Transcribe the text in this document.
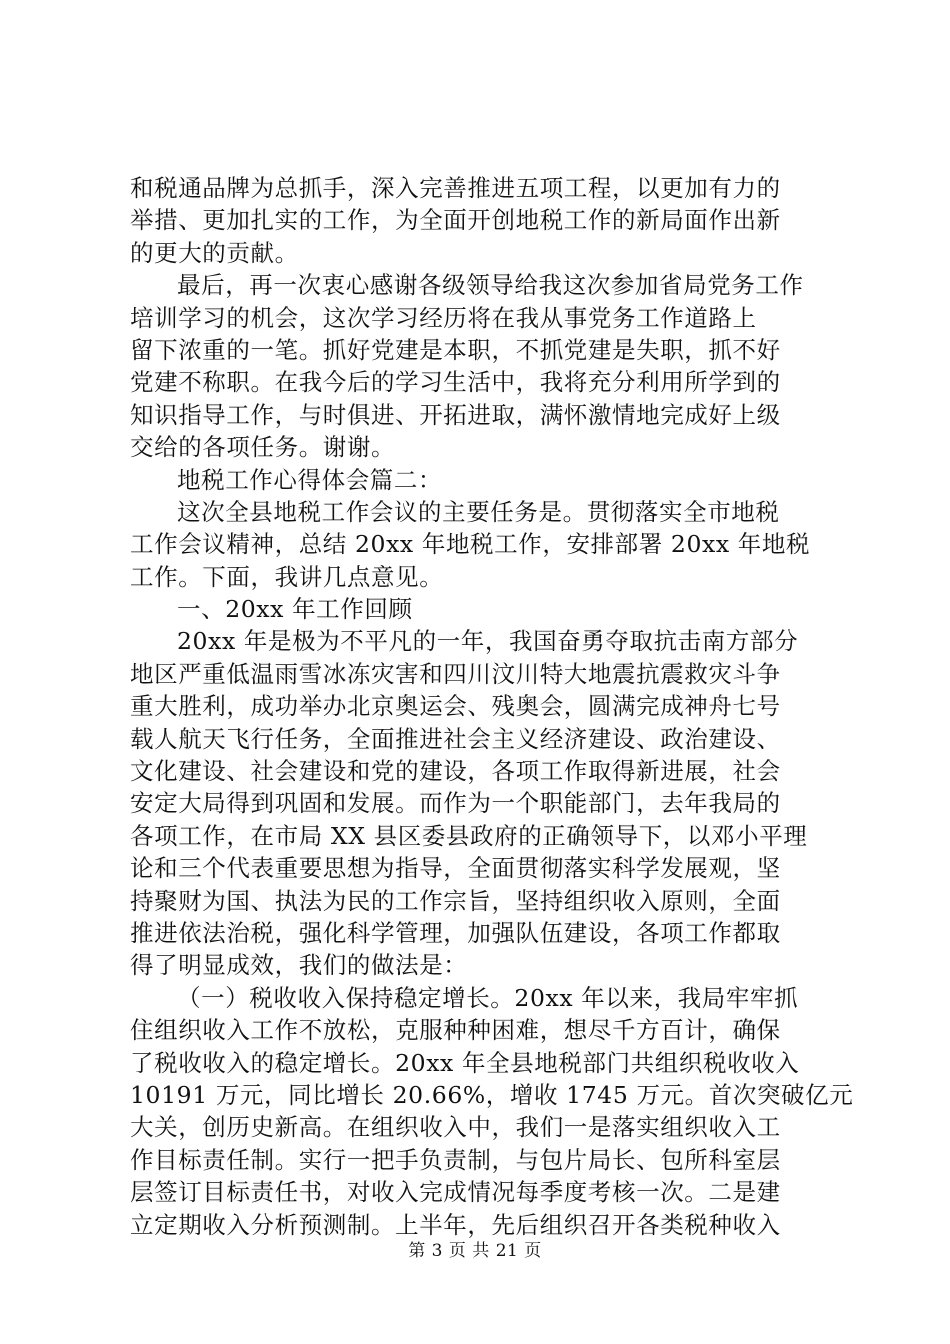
和税通品牌为总抓手，深入完善推进五项工程，以更加有力的
举措、更加扎实的工作，为全面开创地税工作的新局面作出新
的更大的贡献。
最后，再一次衷心感谢各级领导给我这次参加省局党务工作
培训学习的机会，这次学习经历将在我从事党务工作道路上
留下浓重的一笔。抓好党建是本职，不抓党建是失职，抓不好
党建不称职。在我今后的学习生活中，我将充分利用所学到的
知识指导工作，与时俱进、开拓进取，满怀激情地完成好上级
交给的各项任务。谢谢。
地税工作心得体会篇二：
这次全县地税工作会议的主要任务是。贯彻落实全市地税
工作会议精神，总结 20xx 年地税工作，安排部署 20xx 年地税
工作。下面，我讲几点意见。
一、20xx 年工作回顾
20xx 年是极为不平凡的一年，我国奋勇夺取抗击南方部分
地区严重低温雨雪冰冻灾害和四川汶川特大地震抗震救灾斗争
重大胜利，成功举办北京奥运会、残奥会，圆满完成神舟七号
载人航天飞行任务，全面推进社会主义经济建设、政治建设、
文化建设、社会建设和党的建设，各项工作取得新进展，社会
安定大局得到巩固和发展。而作为一个职能部门，去年我局的
各项工作，在市局 XX 县区委县政府的正确领导下，以邓小平理
论和三个代表重要思想为指导，全面贯彻落实科学发展观，坚
持聚财为国、执法为民的工作宗旨，坚持组织收入原则，全面
推进依法治税，强化科学管理，加强队伍建设，各项工作都取
得了明显成效，我们的做法是：
（一）税收收入保持稳定增长。20xx 年以来，我局牢牢抓
住组织收入工作不放松，克服种种困难，想尽千方百计，确保
了税收收入的稳定增长。20xx 年全县地税部门共组织税收收入
10191 万元，同比增长 20.66%，增收 1745 万元。首次突破亿元
大关，创历史新高。在组织收入中，我们一是落实组织收入工
作目标责任制。实行一把手负责制，与包片局长、包所科室层
层签订目标责任书，对收入完成情况每季度考核一次。二是建
立定期收入分析预测制。上半年，先后组织召开各类税种收入
第 3 页 共 21 页
